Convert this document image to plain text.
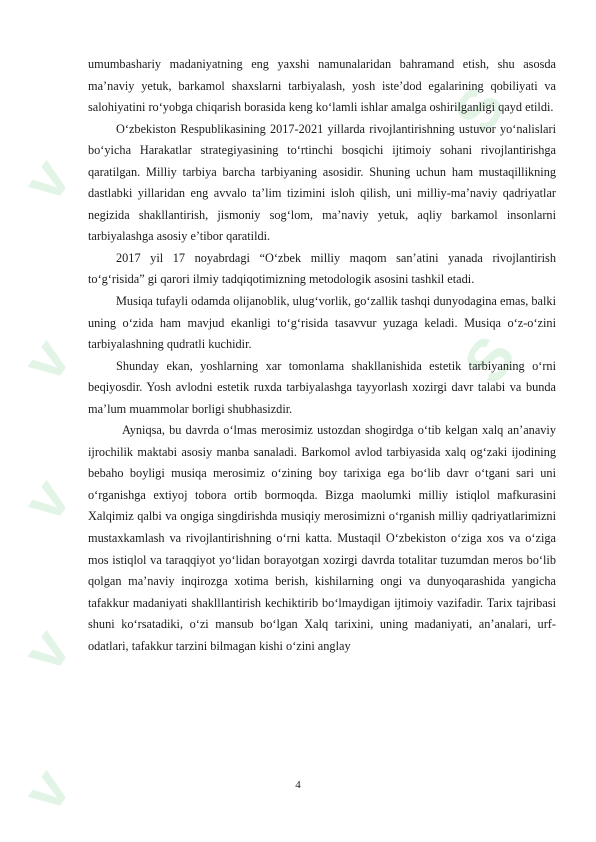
v
v
v
v
v
S
S

umumbashariy madaniyatning eng yaxshi namunalaridan bahramand etish, shu asosda ma’naviy yetuk, barkamol shaxslarni tarbiyalash, yosh iste’dod egalarining qobiliyati va salohiyatini ro‘yobga chiqarish borasida keng ko‘lamli ishlar amalga oshirilganligi qayd etildi.

O‘zbekiston Respublikasining 2017-2021 yillarda rivojlantirishning ustuvor yo‘nalislari bo‘yicha Harakatlar strategiyasining to‘rtinchi bosqichi ijtimoiy sohani rivojlantirishga qaratilgan. Milliy tarbiya barcha tarbiyaning asosidir. Shuning uchun ham mustaqillikning dastlabki yillaridan eng avvalo ta’lim tizimini isloh qilish, uni milliy-ma’naviy qadriyatlar negizida shakllantirish, jismoniy sog‘lom, ma’naviy yetuk, aqliy barkamol insonlarni tarbiyalashga asosiy e’tibor qaratildi.

2017 yil 17 noyabrdagi “O‘zbek milliy maqom san’atini yanada rivojlantirish to‘g‘risida” gi qarori ilmiy tadqiqotimizning metodologik asosini tashkil etadi.

Musiqa tufayli odamda olijanoblik, ulug‘vorlik, go‘zallik tashqi dunyodagina emas, balki uning o‘zida ham mavjud ekanligi to‘g‘risida tasavvur yuzaga keladi. Musiqa o‘z-o‘zini tarbiyalashning qudratli kuchidir.

Shunday ekan, yoshlarning xar tomonlama shakllanishida estetik tarbiyaning o‘rni beqiyosdir. Yosh avlodni estetik ruxda tarbiyalashga tayyorlash xozirgi davr talabi va bunda ma’lum muammolar borligi shubhasizdir.

Ayniqsa, bu davrda o‘lmas merosimiz ustozdan shogirdga o‘tib kelgan xalq an’anaviy ijrochilik maktabi asosiy manba sanaladi. Barkomol avlod tarbiyasida xalq og‘zaki ijodining bebaho boyligi musiqa merosimiz o‘zining boy tarixiga ega bo‘lib davr o‘tgani sari uni o‘rganishga extiyoj tobora ortib bormoqda. Bizga maolumki milliy istiqlol mafkurasini Xalqimiz qalbi va ongiga singdirishda musiqiy merosimizni o‘rganish milliy qadriyatlarimizni mustaxkamlash va rivojlantirishning o‘rni katta. Mustaqil O‘zbekiston o‘ziga xos va o‘ziga mos istiqlol va taraqqiyot yo‘lidan borayotgan xozirgi davrda totalitar tuzumdan meros bo‘lib qolgan ma’naviy inqirozga xotima berish, kishilarning ongi va dunyoqarashida yangicha tafakkur madaniyati shaklllantirish kechiktirib bo‘lmaydigan ijtimoiy vazifadir. Tarix tajribasi shuni ko‘rsatadiki, o‘zi mansub bo‘lgan Xalq tarixini, uning madaniyati, an’analari, urf-odatlari, tafakkur tarzini bilmagan kishi o‘zini anglay

4
